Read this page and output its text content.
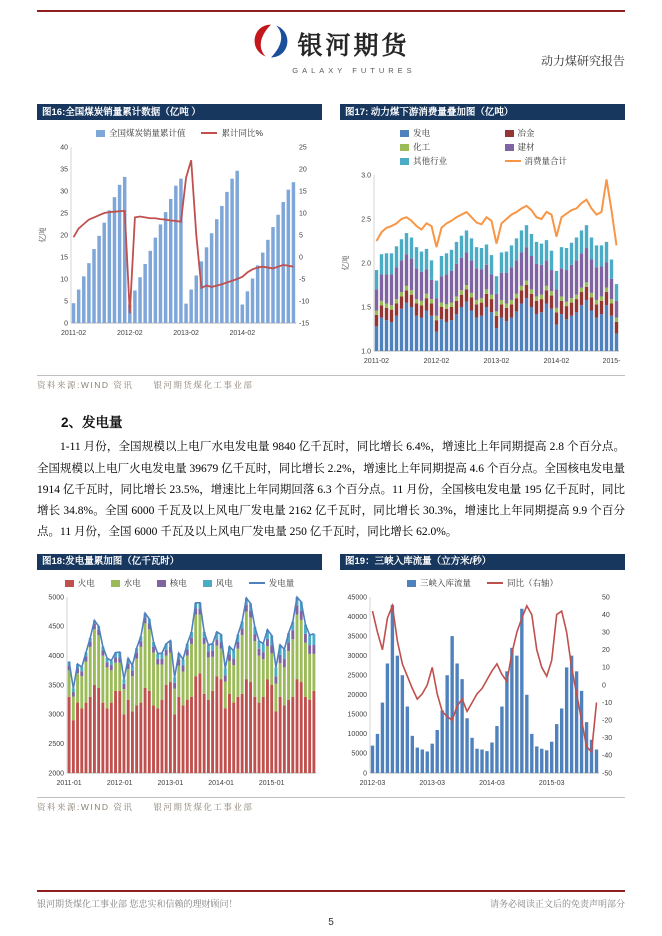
银河期货
GALAXY FUTURES
动力煤研究报告
图16:全国煤炭销量累计数据（亿吨 ）	图17: 动力煤下游消费量叠加图（亿吨）
全国煤炭销量累计值	累计同比%
0
5
10
15
20
25
30
35
40
-15
-10
-5
0
5
10
15
20
25
2011-02	2012-02	2013-02	2014-02
亿吨
发电	冶金
化工	建材
其他行业	消费量合计
1.0
1.5
2.0
2.5
3.0
2011-02	2012-02	2013-02	2014-02	2015-
亿吨
资料来源:WIND 资讯　　银河期货煤化工事业部
2、发电量

1-11 月份，全国规模以上电厂水电发电量 9840 亿千瓦时，同比增长 6.4%，增速比上年同期提高 2.8 个百分点。全国规模以上电厂火电发电量 39679 亿千瓦时，同比增长 2.2%，增速比上年同期提高 4.6 个百分点。全国核电发电量 1914 亿千瓦时，同比增长 23.5%，增速比上年同期回落 6.3 个百分点。11 月份，全国核电发电量 195 亿千瓦时，同比增长 34.8%。全国 6000 千瓦及以上风电厂发电量 2162 亿千瓦时，同比增长 30.3%，增速比上年同期提高 9.9 个百分点。11 月份，全国 6000 千瓦及以上风电厂发电量 250 亿千瓦时，同比增长 62.0%。

图18:发电量累加图（亿千瓦时）	图19：三峡入库流量（立方米/秒）
火电	水电	核电	风电	发电量
2000
2500
3000
3500
4000
4500
5000
2011-01	2012-01	2013-01	2014-01	2015-01
三峡入库流量	同比（右轴）
0
5000
10000
15000
20000
25000
30000
35000
40000
45000
-50
-40
-30
-20
-10
0
10
20
30
40
50
2012-03	2013-03	2014-03	2015-03
资料来源:WIND 资讯　　银河期货煤化工事业部
银河期货煤化工事业部 您忠实和信赖的理财顾问！	请务必阅读正文后的免责声明部分
5
